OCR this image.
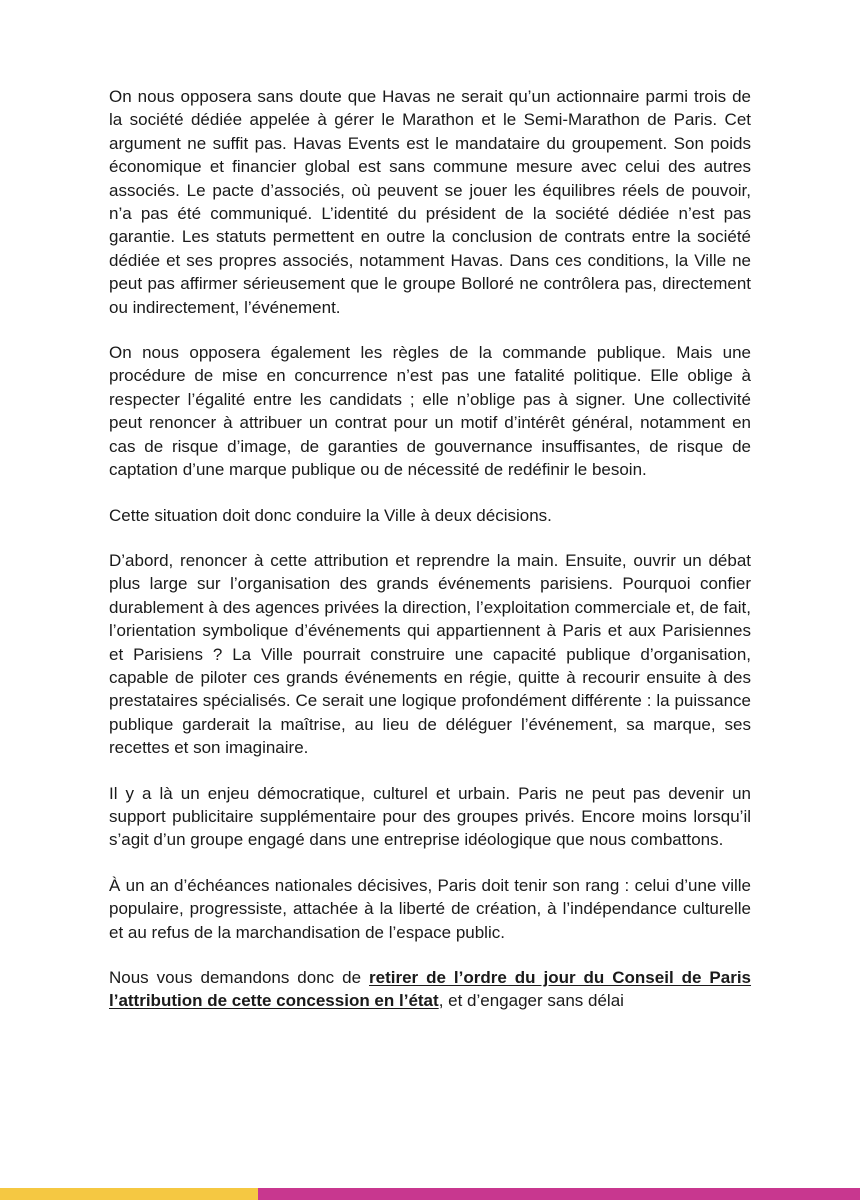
On nous opposera sans doute que Havas ne serait qu’un actionnaire parmi trois de la société dédiée appelée à gérer le Marathon et le Semi-Marathon de Paris. Cet argument ne suffit pas. Havas Events est le mandataire du groupement. Son poids économique et financier global est sans commune mesure avec celui des autres associés. Le pacte d’associés, où peuvent se jouer les équilibres réels de pouvoir, n’a pas été communiqué. L’identité du président de la société dédiée n’est pas garantie. Les statuts permettent en outre la conclusion de contrats entre la société dédiée et ses propres associés, notamment Havas. Dans ces conditions, la Ville ne peut pas affirmer sérieusement que le groupe Bolloré ne contrôlera pas, directement ou indirectement, l’événement.

On nous opposera également les règles de la commande publique. Mais une procédure de mise en concurrence n’est pas une fatalité politique. Elle oblige à respecter l’égalité entre les candidats ; elle n’oblige pas à signer. Une collectivité peut renoncer à attribuer un contrat pour un motif d’intérêt général, notamment en cas de risque d’image, de garanties de gouvernance insuffisantes, de risque de captation d’une marque publique ou de nécessité de redéfinir le besoin.

Cette situation doit donc conduire la Ville à deux décisions.

D’abord, renoncer à cette attribution et reprendre la main. Ensuite, ouvrir un débat plus large sur l’organisation des grands événements parisiens. Pourquoi confier durablement à des agences privées la direction, l’exploitation commerciale et, de fait, l’orientation symbolique d’événements qui appartiennent à Paris et aux Parisiennes et Parisiens ? La Ville pourrait construire une capacité publique d’organisation, capable de piloter ces grands événements en régie, quitte à recourir ensuite à des prestataires spécialisés. Ce serait une logique profondément différente : la puissance publique garderait la maîtrise, au lieu de déléguer l’événement, sa marque, ses recettes et son imaginaire.

Il y a là un enjeu démocratique, culturel et urbain. Paris ne peut pas devenir un support publicitaire supplémentaire pour des groupes privés. Encore moins lorsqu’il s’agit d’un groupe engagé dans une entreprise idéologique que nous combattons.

À un an d’échéances nationales décisives, Paris doit tenir son rang : celui d’une ville populaire, progressiste, attachée à la liberté de création, à l’indépendance culturelle et au refus de la marchandisation de l’espace public.

Nous vous demandons donc de retirer de l’ordre du jour du Conseil de Paris l’attribution de cette concession en l’état, et d’engager sans délai
